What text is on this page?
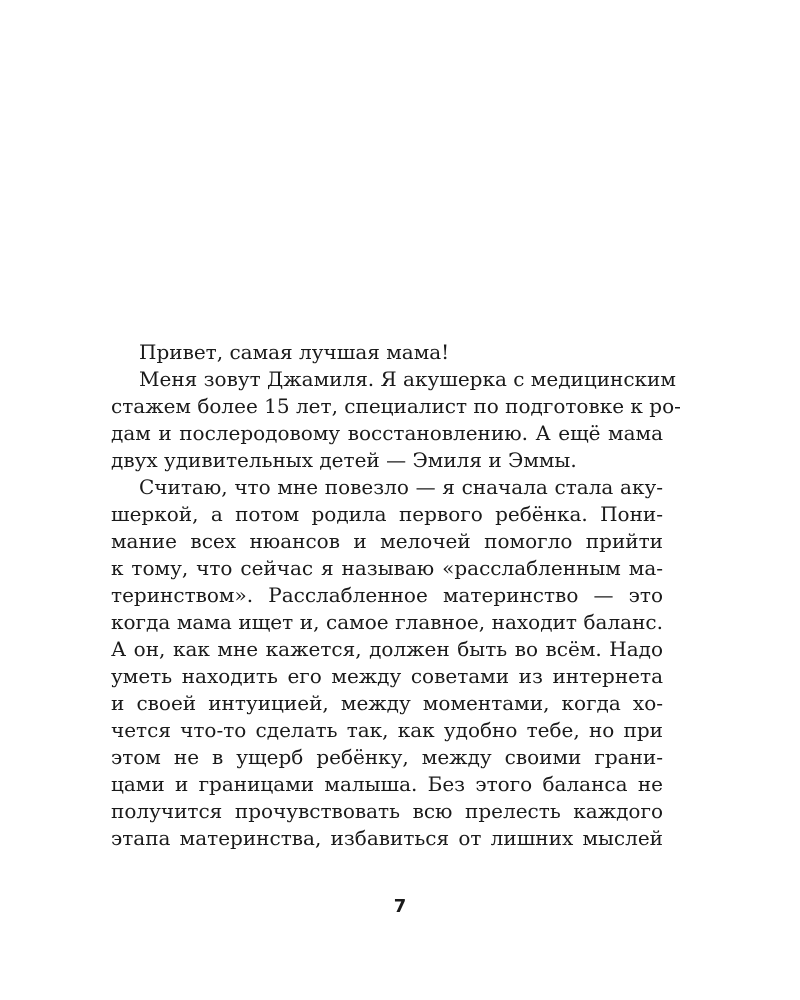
Привет, самая лучшая мама!
Меня зовут Джамиля. Я акушерка с медицинским
стажем более 15 лет, специалист по подготовке к ро-
дам и послеродовому восстановлению. А ещё мама
двух удивительных детей — Эмиля и Эммы.
Считаю, что мне повезло — я сначала стала аку-
шеркой, а потом родила первого ребёнка. Пони-
мание всех нюансов и мелочей помогло прийти
к тому, что сейчас я называю «расслабленным ма-
теринством». Расслабленное материнство — это
когда мама ищет и, самое главное, находит баланс.
А он, как мне кажется, должен быть во всём. Надо
уметь находить его между советами из интернета
и своей интуицией, между моментами, когда хо-
чется что-то сделать так, как удобно тебе, но при
этом не в ущерб ребёнку, между своими грани-
цами и границами малыша. Без этого баланса не
получится прочувствовать всю прелесть каждого
этапа материнства, избавиться от лишних мыслей
7
